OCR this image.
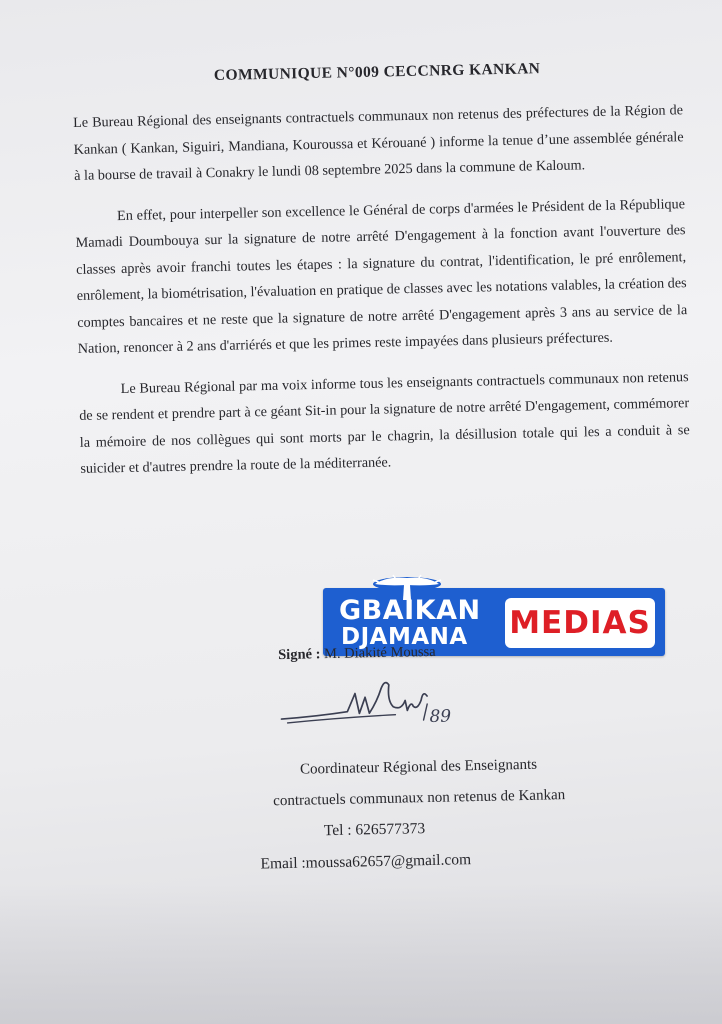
COMMUNIQUE N°009 CECCNRG KANKAN

Le Bureau Régional des enseignants contractuels communaux non retenus des préfectures de la Région de Kankan ( Kankan, Siguiri, Mandiana, Kouroussa et Kérouané ) informe la tenue d’une assemblée générale à la bourse de travail à Conakry le lundi 08 septembre 2025 dans la commune de Kaloum.

En effet, pour interpeller son excellence le Général de corps d'armées le Président de la République Mamadi Doumbouya sur la signature de notre arrêté D'engagement à la fonction avant l'ouverture des classes après avoir franchi toutes les étapes : la signature du contrat, l'identification, le pré enrôlement, enrôlement, la biométrisation, l'évaluation en pratique de classes avec les notations valables, la création des comptes bancaires et ne reste que la signature de notre arrêté D'engagement après 3 ans au service de la Nation, renoncer à 2 ans d'arriérés et que les primes reste impayées dans plusieurs préfectures.

Le Bureau Régional par ma voix informe tous les enseignants contractuels communaux non retenus de se rendent et prendre part à ce géant Sit-in pour la signature de notre arrêté D'engagement, commémorer la mémoire de nos collègues qui sont morts par le chagrin, la désillusion totale qui les a conduit à se suicider et d'autres prendre la route de la méditerranée.

GBAIKAN
DJAMANA MEDIAS
Signé : M. Diakité Moussa
89
Coordinateur Régional des Enseignants
contractuels communaux non retenus de Kankan
Tel : 626577373
Email :moussa62657@gmail.com
